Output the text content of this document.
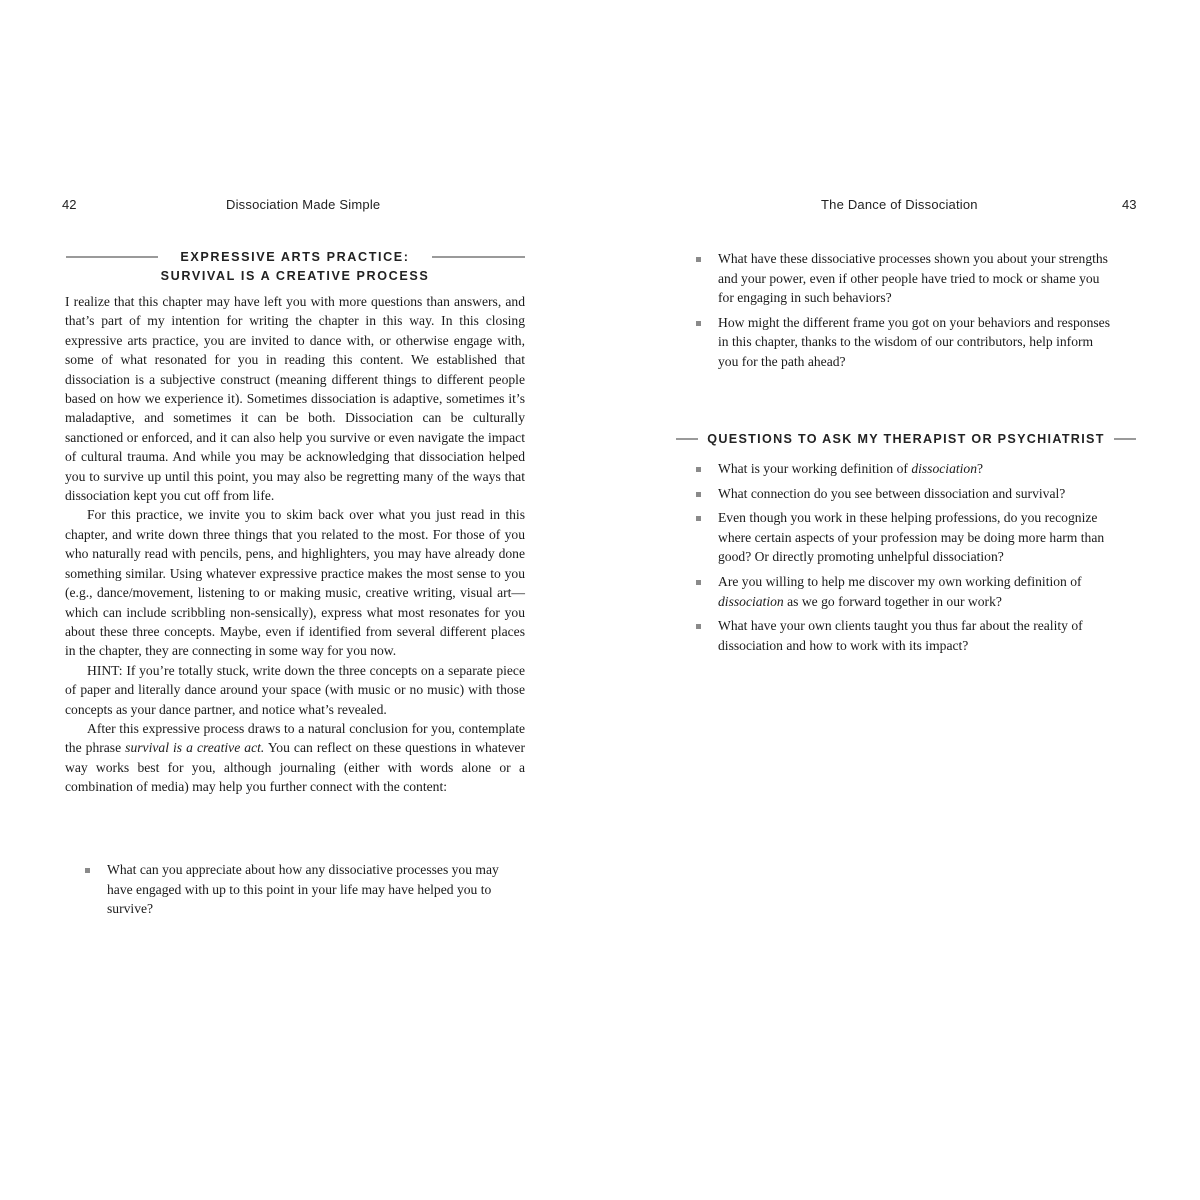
42	Dissociation Made Simple
EXPRESSIVE ARTS PRACTICE:
SURVIVAL IS A CREATIVE PROCESS

I realize that this chapter may have left you with more questions than answers, and that’s part of my intention for writing the chapter in this way. In this closing expressive arts practice, you are invited to dance with, or otherwise engage with, some of what resonated for you in reading this content. We established that dissociation is a subjective construct (meaning different things to different people based on how we experience it). Sometimes dissociation is adaptive, sometimes it’s maladaptive, and sometimes it can be both. Dissociation can be culturally sanctioned or enforced, and it can also help you survive or even navigate the impact of cultural trauma. And while you may be acknowledging that dissociation helped you to survive up until this point, you may also be regretting many of the ways that dissociation kept you cut off from life.

For this practice, we invite you to skim back over what you just read in this chapter, and write down three things that you related to the most. For those of you who naturally read with pencils, pens, and highlighters, you may have already done something similar. Using whatever expressive practice makes the most sense to you (e.g., dance/movement, listening to or making music, creative writing, visual art—which can include scribbling non-sensically), express what most resonates for you about these three concepts. Maybe, even if identified from several different places in the chapter, they are connecting in some way for you now.

HINT: If you’re totally stuck, write down the three concepts on a separate piece of paper and literally dance around your space (with music or no music) with those concepts as your dance partner, and notice what’s revealed.

After this expressive process draws to a natural conclusion for you, contemplate the phrase survival is a creative act. You can reflect on these questions in whatever way works best for you, although journaling (either with words alone or a combination of media) may help you further connect with the content:

What can you appreciate about how any dissociative processes you may have engaged with up to this point in your life may have helped you to survive?
The Dance of Dissociation	43
What have these dissociative processes shown you about your strengths and your power, even if other people have tried to mock or shame you for engaging in such behaviors?
How might the different frame you got on your behaviors and responses in this chapter, thanks to the wisdom of our contributors, help inform you for the path ahead?
QUESTIONS TO ASK MY THERAPIST OR PSYCHIATRIST
What is your working definition of dissociation?
What connection do you see between dissociation and survival?
Even though you work in these helping professions, do you recognize where certain aspects of your profession may be doing more harm than good? Or directly promoting unhelpful dissociation?
Are you willing to help me discover my own working definition of dissociation as we go forward together in our work?
What have your own clients taught you thus far about the reality of dissociation and how to work with its impact?
